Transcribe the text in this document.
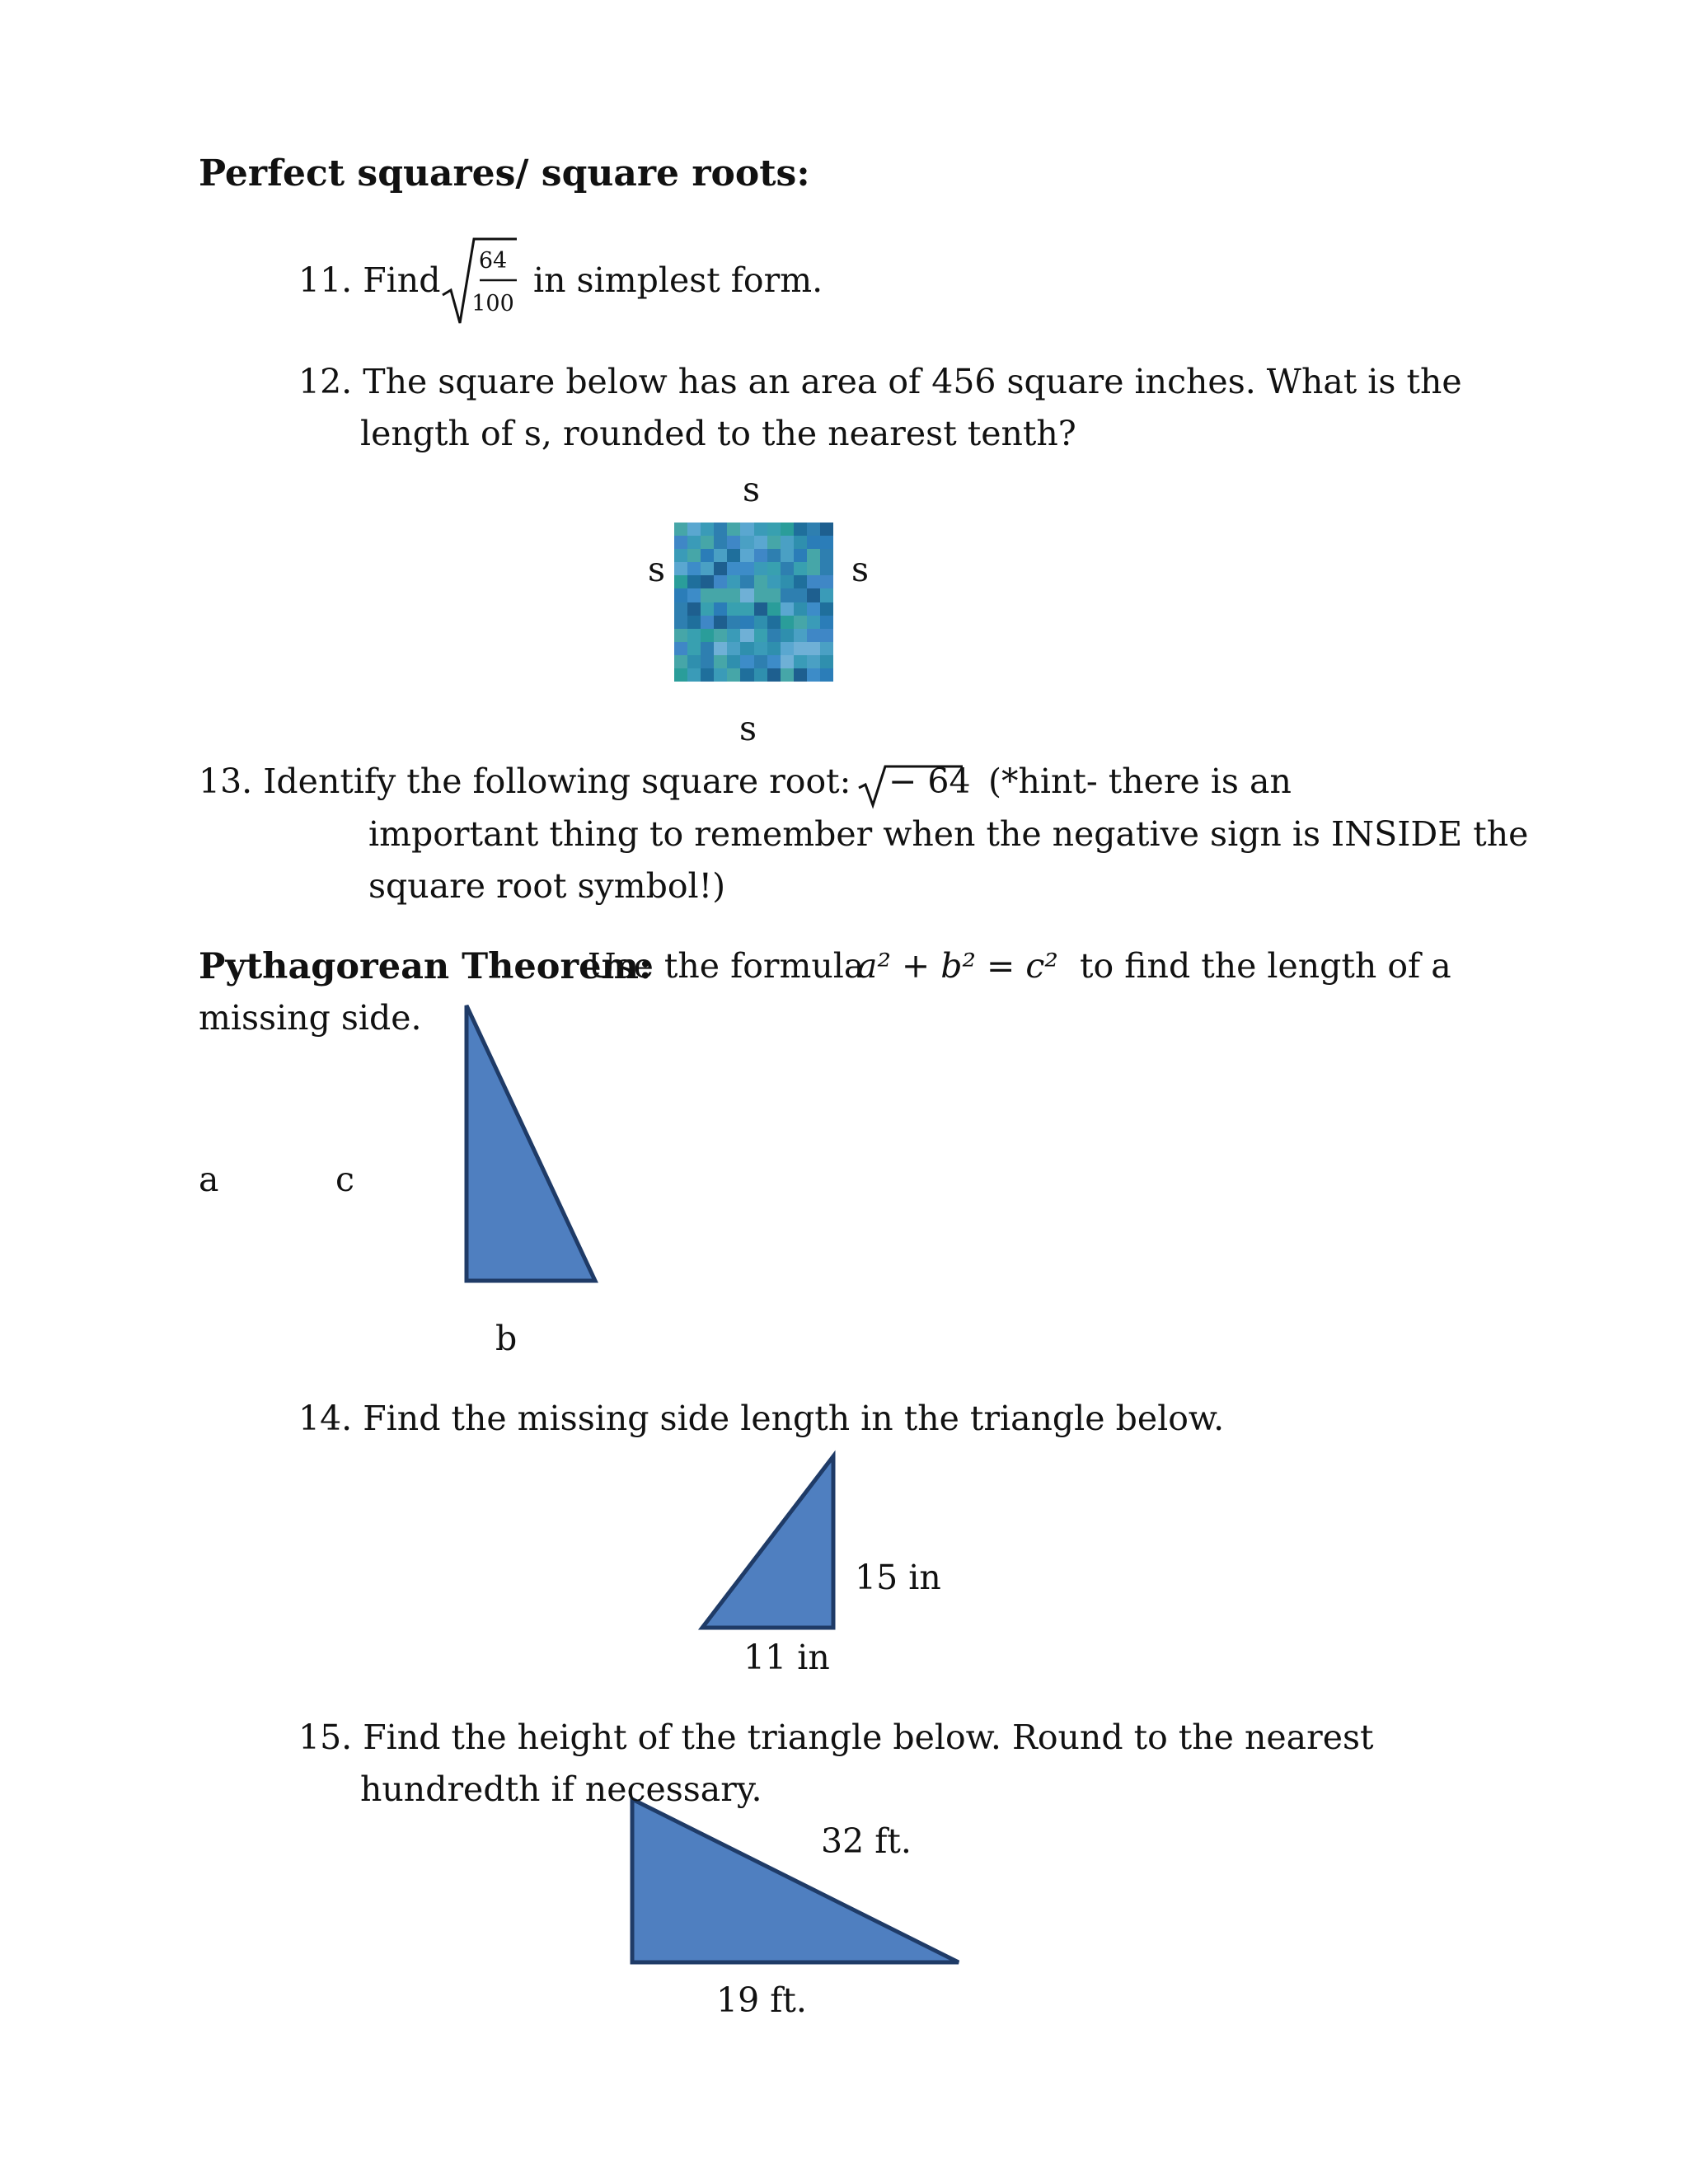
Perfect squares/ square roots:
11. Find	64
100
in simplest form.
12. The square below has an area of 456 square inches. What is the
length of s, rounded to the nearest tenth?
s
s	s
s
13. Identify the following square root: − 64 (*hint- there is an
important thing to remember when the negative sign is INSIDE the
square root symbol!)
Pythagorean Theorem:
Use the formula
a² + b² = c² to find the length of a
missing side.
a	c
b
14. Find the missing side length in the triangle below.
15 in
11 in
15. Find the height of the triangle below. Round to the nearest
hundredth if necessary.
32 ft.
19 ft.
